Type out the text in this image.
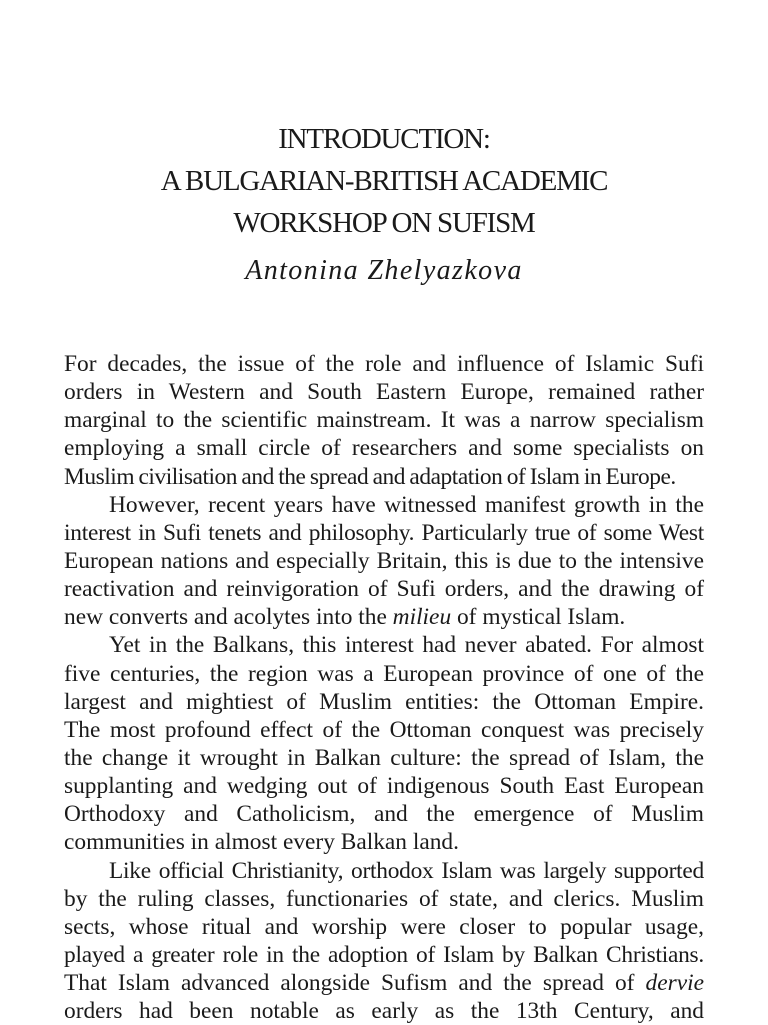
INTRODUCTION:
A BULGARIAN-BRITISH ACADEMIC
WORKSHOP ON SUFISM
Antonina Zhelyazkova
For decades, the issue of the role and influence of Islamic Sufi
orders in Western and South Eastern Europe, remained rather
marginal to the scientific mainstream. It was a narrow specialism
employing a small circle of researchers and some specialists on
Muslim civilisation and the spread and adaptation of Islam in Europe.
However, recent years have witnessed manifest growth in the
interest in Sufi tenets and philosophy. Particularly true of some West
European nations and especially Britain, this is due to the intensive
reactivation and reinvigoration of Sufi orders, and the drawing of
new converts and acolytes into the milieu of mystical Islam.
Yet in the Balkans, this interest had never abated. For almost
five centuries, the region was a European province of one of the
largest and mightiest of Muslim entities: the Ottoman Empire.
The most profound effect of the Ottoman conquest was precisely
the change it wrought in Balkan culture: the spread of Islam, the
supplanting and wedging out of indigenous South East European
Orthodoxy and Catholicism, and the emergence of Muslim
communities in almost every Balkan land.
Like official Christianity, orthodox Islam was largely supported
by the ruling classes, functionaries of state, and clerics. Muslim
sects, whose ritual and worship were closer to popular usage,
played a greater role in the adoption of Islam by Balkan Christians.
That Islam advanced alongside Sufism and the spread of dervie
orders had been notable as early as the 13th Century, and
